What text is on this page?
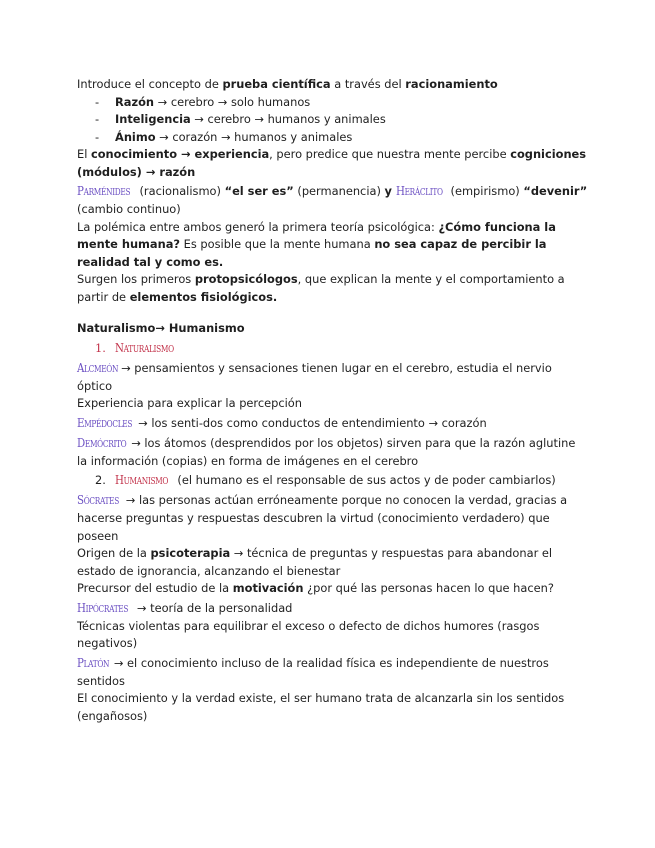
Introduce el concepto de prueba científica a través del racionamiento
- Razón → cerebro → solo humanos
- Inteligencia → cerebro → humanos y animales
- Ánimo → corazón → humanos y animales
El conocimiento → experiencia, pero predice que nuestra mente percibe cogniciones
(módulos) → razón
Parménides (racionalismo) “el ser es” (permanencia) y Heráclito (empirismo) “devenir”
(cambio continuo)
La polémica entre ambos generó la primera teoría psicológica: ¿Cómo funciona la
mente humana? Es posible que la mente humana no sea capaz de percibir la
realidad tal y como es.
Surgen los primeros protopsicólogos, que explican la mente y el comportamiento a
partir de elementos fisiológicos.
Naturalismo→ Humanismo
1. Naturalismo
Alcmeón → pensamientos y sensaciones tienen lugar en el cerebro, estudia el nervio
óptico
Experiencia para explicar la percepción
Empédocles → los senti-dos como conductos de entendimiento → corazón
Demócrito → los átomos (desprendidos por los objetos) sirven para que la razón aglutine
la información (copias) en forma de imágenes en el cerebro
2. Humanismo (el humano es el responsable de sus actos y de poder cambiarlos)
Sócrates → las personas actúan erróneamente porque no conocen la verdad, gracias a
hacerse preguntas y respuestas descubren la virtud (conocimiento verdadero) que
poseen
Origen de la psicoterapia → técnica de preguntas y respuestas para abandonar el
estado de ignorancia, alcanzando el bienestar
Precursor del estudio de la motivación ¿por qué las personas hacen lo que hacen?
Hipócrates → teoría de la personalidad
Técnicas violentas para equilibrar el exceso o defecto de dichos humores (rasgos
negativos)
Platón → el conocimiento incluso de la realidad física es independiente de nuestros
sentidos
El conocimiento y la verdad existe, el ser humano trata de alcanzarla sin los sentidos
(engañosos)
